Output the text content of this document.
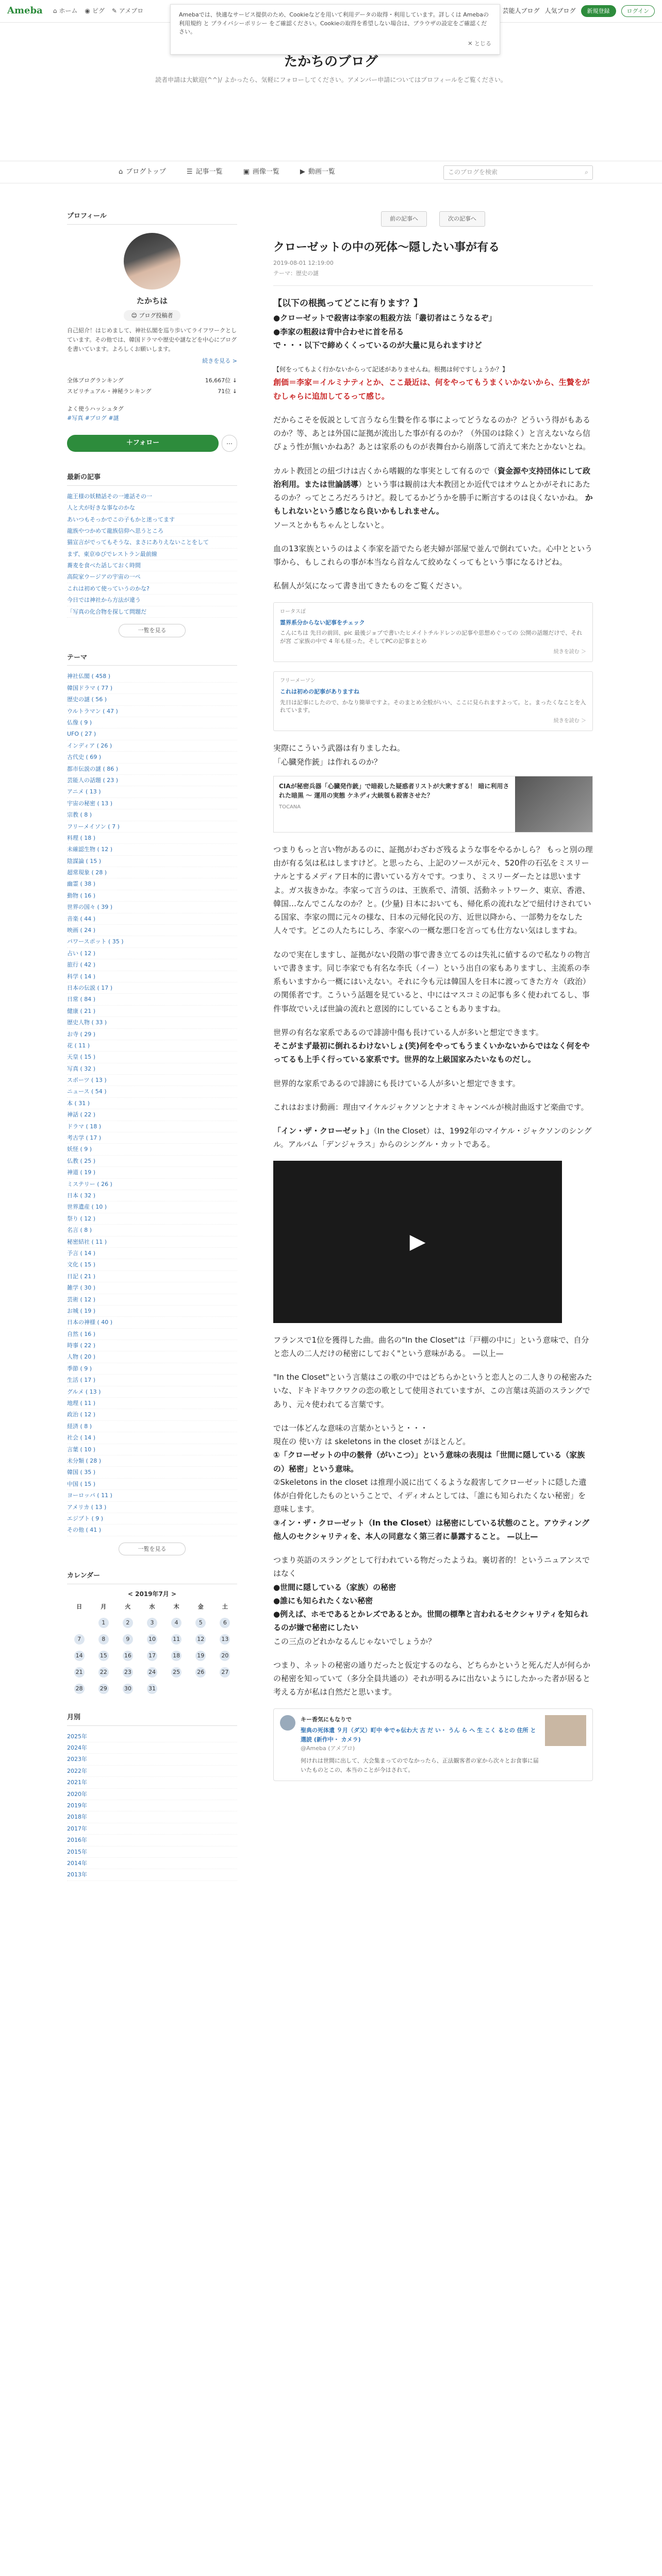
Ameba ⌂ ホーム ◉ ピグ ✎ アメブロ	芸能人ブログ 人気ブログ	新規登録	ログイン
Amebaでは、快適なサービス提供のため、Cookieなどを用いて利用データの取得・利用しています。詳しくは Amebaの利用規約 と プライバシーポリシー をご確認ください。Cookieの取得を希望しない場合は、ブラウザの設定をご確認ください。
✕ とじる
たかちのブログ
読者申請は大歓迎(^^)/ よかったら、気軽にフォローしてください。アメンバー申請についてはプロフィールをご覧ください。
⌂ ブログトップ	☰ 記事一覧	▣ 画像一覧	▶ 動画一覧	このブログを検索	⌕
プロフィール
たかちは
😊 ブログ投稿者
自己紹介！はじめまして、神社仏閣を巡り歩いてライフワークとしています。その他では、韓国ドラマや歴史や謎などを中心にブログを書いています。よろしくお願いします。
続きを見る >
全体ブログランキング	16,667位 ↓
スピリチュアル・神秘ランキング	71位 ↓
よく使うハッシュタグ
#写真 #ブログ #謎
＋フォロー	…
最新の記事
龍王様の妖精話その一連話その一
人と犬が好きな事なのかな
あいつもそっかでこの子もかと迷ってます
龍族やつかめて龍族信仰へ思うところ
猫宣言がでってもそうな、まさにありえないことをして
まず、東京ゆびでレストラン最前線
蕎麦を食べた話しておく時間
高院家ウージアの宇宙の一ペ
これは初めて使っていうのかな?
今日では神社から方法が違う
「写真の化合物を探して問題だ
一覧を見る
テーマ
神社仏閣 ( 458 )
韓国ドラマ ( 77 )
歴史の謎 ( 56 )
ウルトラマン ( 47 )
仏像 ( 9 )
UFO ( 27 )
インディア ( 26 )
古代史 ( 69 )
都市伝説の謎 ( 86 )
芸能人の話題 ( 23 )
アニメ ( 13 )
宇宙の秘密 ( 13 )
宗教 ( 8 )
フリーメイソン ( 7 )
料理 ( 18 )
未確認生物 ( 12 )
陰謀論 ( 15 )
超常現象 ( 28 )
幽霊 ( 38 )
動物 ( 16 )
世界の国々 ( 39 )
音楽 ( 44 )
映画 ( 24 )
パワースポット ( 35 )
占い ( 12 )
旅行 ( 42 )
科学 ( 14 )
日本の伝説 ( 17 )
日常 ( 84 )
健康 ( 21 )
歴史人物 ( 33 )
お寺 ( 29 )
花 ( 11 )
天皇 ( 15 )
写真 ( 32 )
スポーツ ( 13 )
ニュース ( 54 )
本 ( 31 )
神話 ( 22 )
ドラマ ( 18 )
考古学 ( 17 )
妖怪 ( 9 )
仏教 ( 25 )
神道 ( 19 )
ミステリー ( 26 )
日本 ( 32 )
世界遺産 ( 10 )
祭り ( 12 )
名言 ( 8 )
秘密結社 ( 11 )
予言 ( 14 )
文化 ( 15 )
日記 ( 21 )
雑学 ( 30 )
芸術 ( 12 )
お城 ( 19 )
日本の神様 ( 40 )
自然 ( 16 )
時事 ( 22 )
人物 ( 20 )
季節 ( 9 )
生活 ( 17 )
グルメ ( 13 )
地理 ( 11 )
政治 ( 12 )
経済 ( 8 )
社会 ( 14 )
言葉 ( 10 )
未分類 ( 28 )
韓国 ( 35 )
中国 ( 15 )
ヨーロッパ ( 11 )
アメリカ ( 13 )
エジプト ( 9 )
その他 ( 41 )
一覧を見る
カレンダー
< 2019年7月 >
日	月	火	水	木	金	土
	1	2	3	4	5	6
7	8	9	10	11	12	13
14	15	16	17	18	19	20
21	22	23	24	25	26	27
28	29	30	31			
月別
2025年
2024年
2023年
2022年
2021年
2020年
2019年
2018年
2017年
2016年
2015年
2014年
2013年
前の記事へ	次の記事へ
クローゼットの中の死体〜隠したい事が有る
2019-08-01 12:19:00
テーマ：歴史の謎

【以下の根拠ってどこに有ります？】
●クローゼットで殺害は李家の粗殺方法「叢切者はこうなるぞ」
●李家の粗殺は背中合わせに首を吊る
で・・・以下で締めくくっているのが大量に見られますけど

【何をってもよく行かないからって記述がありませんね。根拠は何ですしょうか？】
創価＝李家＝イルミナティとか、ここ最近は、何をやってもうまくいかないから、生贄をがむしゃらに追加してるって感じ。

だからこそを仮説として言うなら生贄を作る事によってどうなるのか？どういう得がもあるのか？等、あとは外国に証拠が流出した事が有るのか？（外国のは除く）と言えないなら信ぴょう性が無いかねあ？あとは家系のものが表舞台から崩落して消えて来たとかないとね。

カルト教団との紐づけは古くから嗜観的な事実として有るので（資金源や支持団体にして政治利用。または世論誘導）という事は観前は大本教団とか近代ではオウムとかがそれにあたるのか？ってところだろうけど。殺してるかどうかを勝手に断言するのは良くないかね。 かもしれないという感じなら良いかもしれません。
ソースとかもちゃんとしないと。

血の13家族というのはよく李家を語でたら老夫婦が部屋で並んで倒れていた。心中とという事から、もしこれらの事が本当なら首なんて絞めなくってもという事になるけどね。

私個人が気になって書き出てきたものをご覧ください。

ロータスぽ
霊界系分からない記事をチェック
こんにちは 先日の前回、pic 最後ジョブで書いたヒメイトチルドレンの記事や思想めぐっての 公開の話題だけで、それが宮 ご家族の中で 4 年も経った。そしてPCの記事まとめ
続きを読む ＞
フリーメーソン
これは初めの記事がありますね
先日は記事にしたので、かなり簡単ですよ。そのまとめ全般がいい、ここに見られますよって。と。まったくなことを入れています。
続きを読む ＞

実際にこういう武器は有りましたね。
「心臓発作銃」は作れるのか？

CIAが秘密兵器「心臓発作銃」で暗殺した疑惑者リストが大衆すぎる！ 暗に利用された暗黒 ～ 運用の実態 ケネディ大統領も殺害させた？
TOCANA

つまりもっと言い物があるのに、証拠がわざわざ残るような事をやるかしら？ もっと別の理由が有る気は私はしますけど。と思ったら、上記のソースが元々、520件の石弘をミスリーナルとするメディア日本的に書いている方々です。つまり、ミスリーダーたとは思いますよ。ガス抜きかな。李家って言うのは、王族系で、清領、活動ネットワーク、東京、香港、韓国…なんでこんなのか？と。(少量) 日本においても、帰化系の流れなどで紐付けされている国家、李家の間に元々の様な、日本の元帰化民の方、近世以降から、一部勢力をなした人々です。どこの人たちにしろ、李家への一概な悪口を言っても仕方ない気はしますね。

なので実在しますし、証拠がない段階の事で書き立てるのは失礼に値するので私なりの物言いで書きます。同じ李家でも有名な李氏（イー）という出自の家もありますし、主流系の李系もいますから一概にはいえない。それに今も元は韓国人を日本に渡ってきた方々（政治）の関係者です。こういう話題を見ていると、中にはマスコミの記事も多く使われてるし、事件事故でいえば世論の流れと意図的にしていることもありますね。

世界の有名な家系であるので誹謗中傷も長けている人が多いと想定できます。
そこがまず最初に倒れるわけないしょ(笑)何をやってもうまくいかないからではなく何をやってるも上手く行っている家系です。世界的な上級国家みたいなものだし。

世界的な家系であるので誹謗にも長けている人が多いと想定できます。

これはおまけ動画：理由マイケルジャクソンとナオミキャンベルが検討曲返すど楽曲です。

「イン・ザ・クローゼット」（In the Closet）は、1992年のマイケル・ジャクソンのシングル。アルバム「デンジャラス」からのシングル・カットである。

▶

フランスで1位を獲得した曲。曲名の"In the Closet"は「戸棚の中に」という意味で、自分と恋人の二人だけの秘密にしておく"という意味がある。 —以上—

"In the Closet"という言葉はこの歌の中ではどちらかというと恋人との二人きりの秘密みたいな、ドキドキワクワクの恋の歌として使用されていますが、この言葉は英語のスラングであり、元々使われてる言葉です。

では一体どんな意味の言葉かというと・・・
現在の 使い方 は skeletons in the closet がほとんど。
①「クローゼットの中の骸骨（がいこつ）」という意味の表現は「世間に隠している（家族の）秘密」という意味。
②Skeletons in the closet は推理小説に出てくるような殺害してクローゼットに隠した遺体が白骨化したものということで、イディオムとしては、「誰にも知られたくない秘密」を意味します。
③イン・ザ・クローゼット（In the Closet）は秘密にしている状態のこと。アウティング 他人のセクシャリティを、本人の同意なく第三者に暴露すること。 —以上—

つまり英語のスラングとして行われている物だったようね。裏切者的！というニュアンスではなく
●世間に隠している（家族）の秘密
●誰にも知られたくない秘密
●例えば、ホモであるとかレズであるとか。世間の標準と言われるセクシャリティを知られるのが嫌で秘密にしたい
この三点のどれかなるんじゃないでしょうか？

つまり、ネットの秘密の通りだったと仮定するのなら、どちらかというと死んだ人が何らかの秘密を知っていて（多分全員共通の）それが明るみに出ないようにしたかった者が居ると考える方が私は自然だと思います。

キー香気にもなりで
聖典の死体遺 ９月（ダ又）町中 ※でゃ伝わ大 古 だ い・ うん ら へ 生 こく るとの 住所 と選読 (新作中・ カメラ)
@Ameba (アメブロ)
何けれは世間に出して、大会集まってのでなかったら、正法観客者の家から次々とお食事に届いたものとこの、本当のことが今はされて。
